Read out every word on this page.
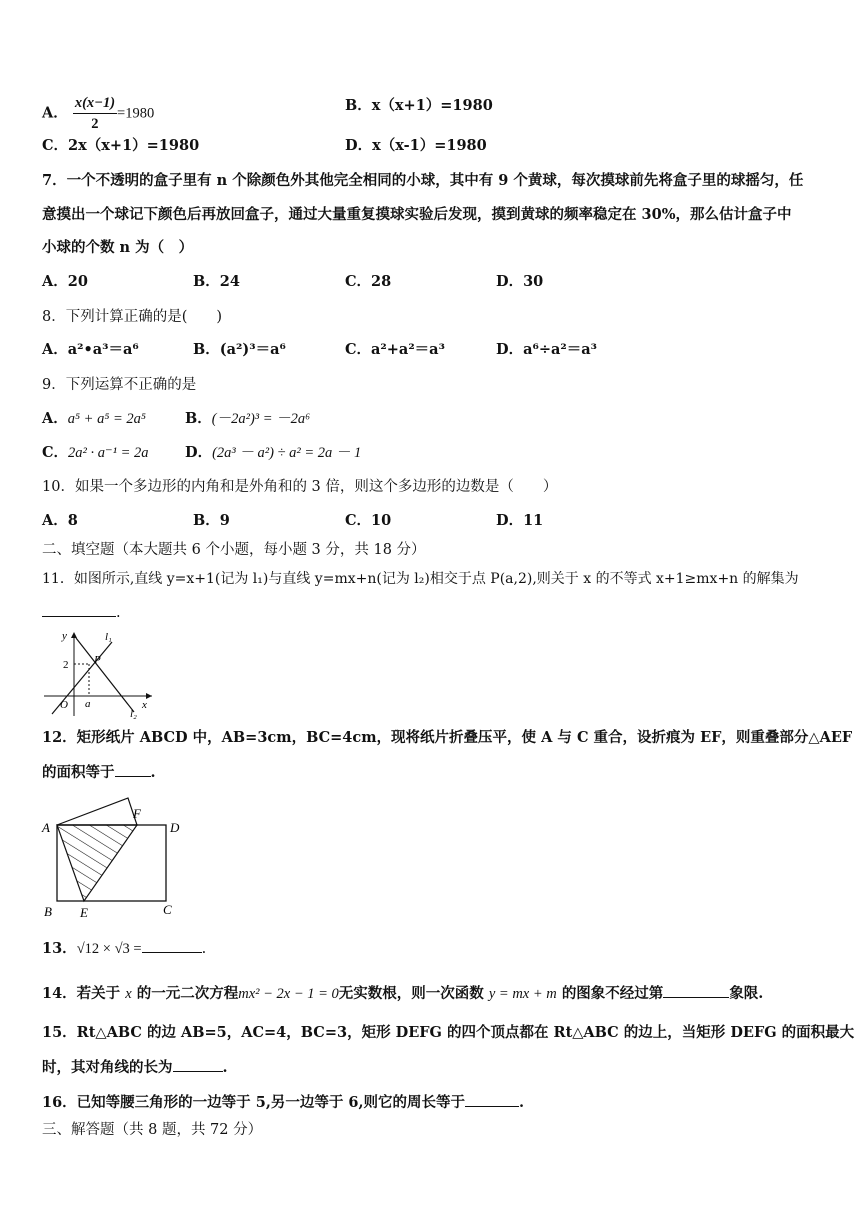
A． $\frac{x(x-1)}{2} =1980$	B．x（x+1）=1980
C．2x（x+1）=1980	D．x（x-1）=1980
7．一个不透明的盒子里有 n 个除颜色外其他完全相同的小球，其中有 9 个黄球，每次摸球前先将盒子里的球摇匀，任
意摸出一个球记下颜色后再放回盒子，通过大量重复摸球实验后发现，摸到黄球的频率稳定在 30%，那么估计盒子中
小球的个数 n 为（　）
A．20	B．24	C．28	D．30
8．下列计算正确的是(　　)
A．a²•a³＝a⁶	B．(a²)³＝a⁶	C．a²+a²＝a³	D．a⁶÷a²＝a³
9．下列运算不正确的是
A．a⁵ + a⁵ = 2a⁵	B．(－2a²)³ = －2a⁶
C．2a² · a⁻¹ = 2a	D．(2a³ － a²) ÷ a² = 2a － 1
10．如果一个多边形的内角和是外角和的 3 倍，则这个多边形的边数是（　　）
A．8	B．9	C．10	D．11
二、填空题（本大题共 6 个小题，每小题 3 分，共 18 分）
11．如图所示,直线 y=x+1(记为 l₁)与直线 y=mx+n(记为 l₂)相交于点 P(a,2),则关于 x 的不等式 x+1≥mx+n 的解集为
.
y	l₁
P
2
O a	x
l₂
12．矩形纸片 ABCD 中，AB=3cm，BC=4cm，现将纸片折叠压平，使 A 与 C 重合，设折痕为 EF，则重叠部分△AEF
的面积等于 .
A	D
F
B E	C
13．√12 × √3 =	.
14．若关于 x 的一元二次方程mx² − 2x − 1 = 0无实数根，则一次函数 y = mx + m 的图象不经过第	象限.
15．Rt△ABC 的边 AB=5，AC=4，BC=3，矩形 DEFG 的四个顶点都在 Rt△ABC 的边上，当矩形 DEFG 的面积最大
时，其对角线的长为	.
16．已知等腰三角形的一边等于 5,另一边等于 6,则它的周长等于	.
三、解答题（共 8 题，共 72 分）
